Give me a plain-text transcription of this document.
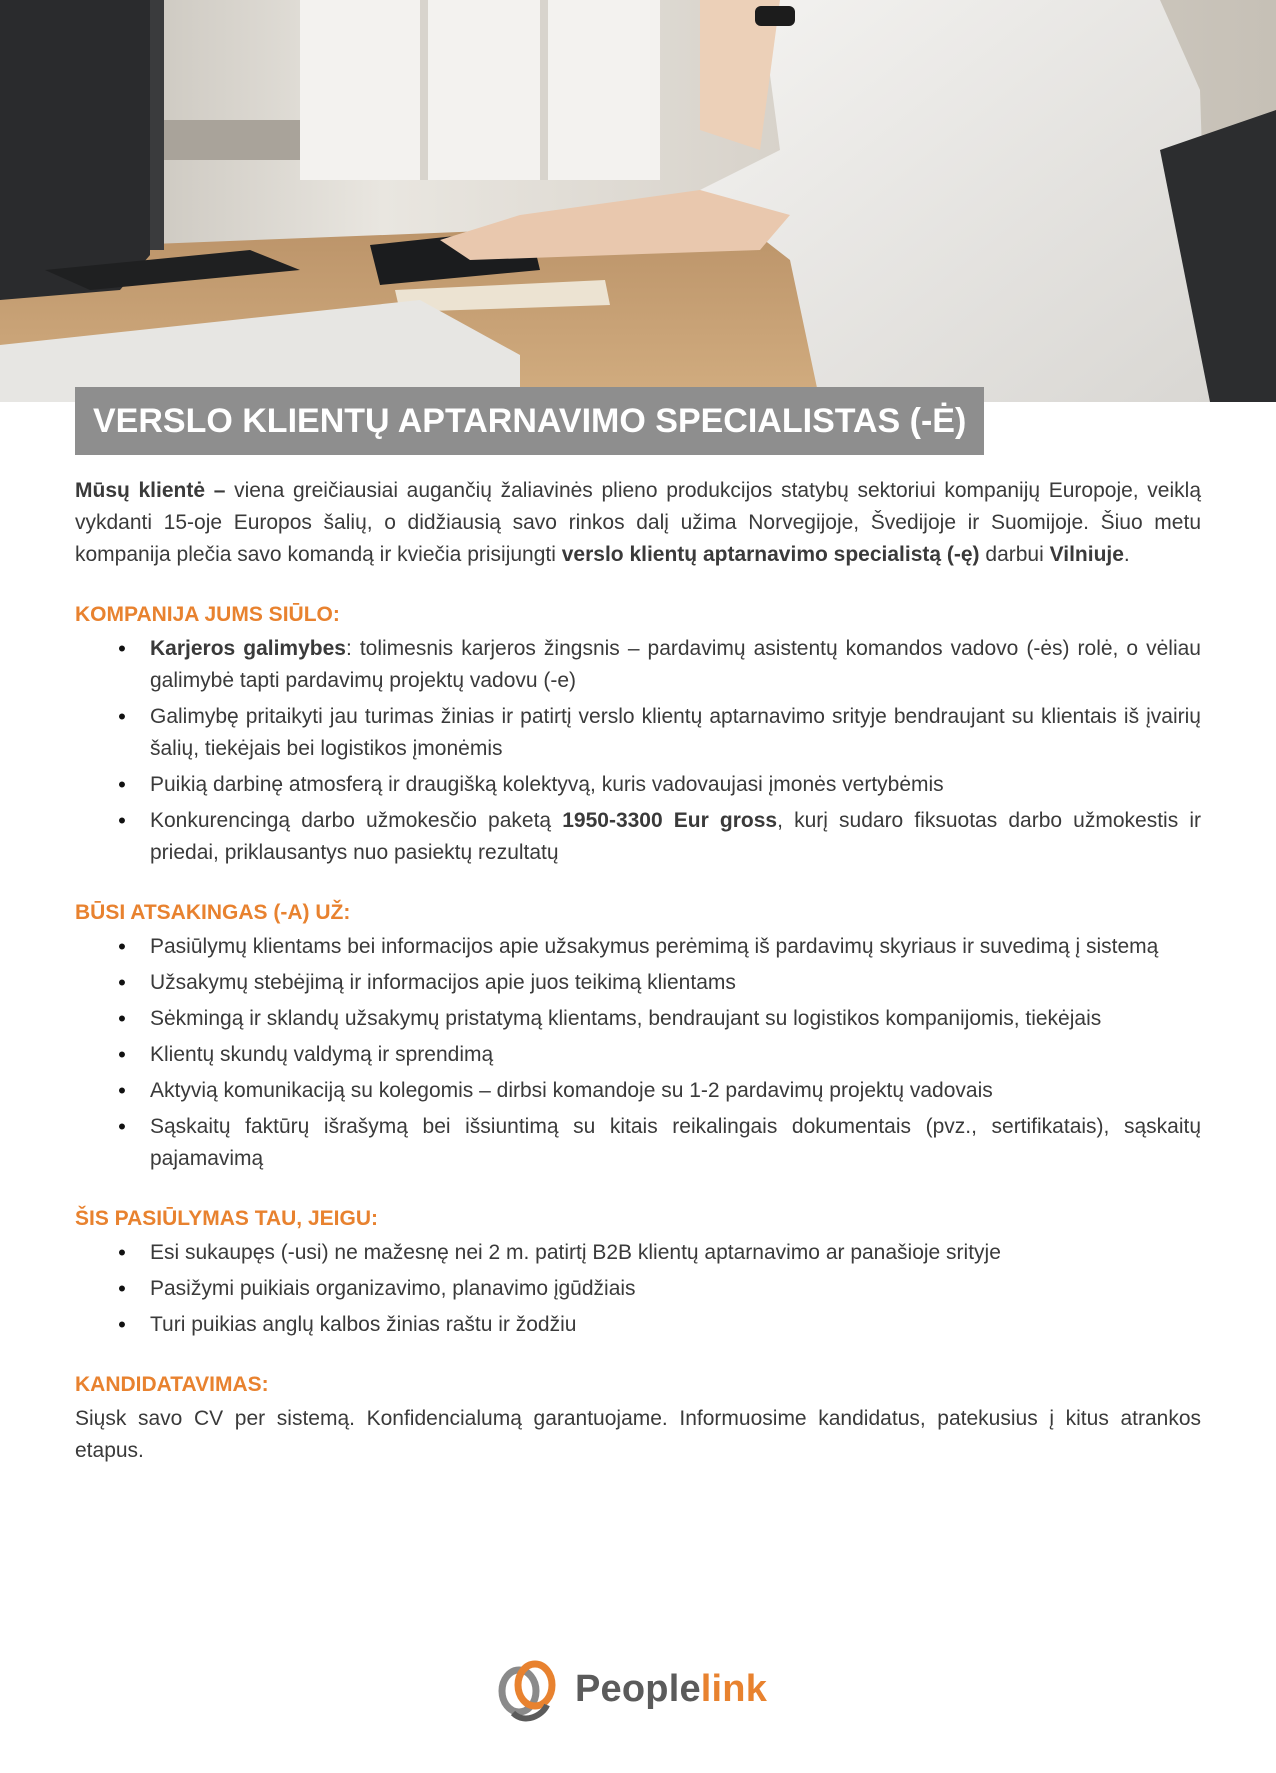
VERSLO KLIENTŲ APTARNAVIMO SPECIALISTAS (-Ė)

Mūsų klientė – viena greičiausiai augančių žaliavinės plieno produkcijos statybų sektoriui kompanijų Europoje, veiklą vykdanti 15-oje Europos šalių, o didžiausią savo rinkos dalį užima Norvegijoje, Švedijoje ir Suomijoje. Šiuo metu kompanija plečia savo komandą ir kviečia prisijungti verslo klientų aptarnavimo specialistą (-ę) darbui Vilniuje.

KOMPANIJA JUMS SIŪLO:
• Karjeros galimybes: tolimesnis karjeros žingsnis – pardavimų asistentų komandos vadovo (-ės) rolė, o vėliau galimybė tapti pardavimų projektų vadovu (-e)
• Galimybę pritaikyti jau turimas žinias ir patirtį verslo klientų aptarnavimo srityje bendraujant su klientais iš įvairių šalių, tiekėjais bei logistikos įmonėmis
• Puikią darbinę atmosferą ir draugišką kolektyvą, kuris vadovaujasi įmonės vertybėmis
• Konkurencingą darbo užmokesčio paketą 1950-3300 Eur gross, kurį sudaro fiksuotas darbo užmokestis ir priedai, priklausantys nuo pasiektų rezultatų
BŪSI ATSAKINGAS (-A) UŽ:
• Pasiūlymų klientams bei informacijos apie užsakymus perėmimą iš pardavimų skyriaus ir suvedimą į sistemą
• Užsakymų stebėjimą ir informacijos apie juos teikimą klientams
• Sėkmingą ir sklandų užsakymų pristatymą klientams, bendraujant su logistikos kompanijomis, tiekėjais
• Klientų skundų valdymą ir sprendimą
• Aktyvią komunikaciją su kolegomis – dirbsi komandoje su 1-2 pardavimų projektų vadovais
• Sąskaitų faktūrų išrašymą bei išsiuntimą su kitais reikalingais dokumentais (pvz., sertifikatais), sąskaitų pajamavimą
ŠIS PASIŪLYMAS TAU, JEIGU:
• Esi sukaupęs (-usi) ne mažesnę nei 2 m. patirtį B2B klientų aptarnavimo ar panašioje srityje
• Pasižymi puikiais organizavimo, planavimo įgūdžiais
• Turi puikias anglų kalbos žinias raštu ir žodžiu
KANDIDATAVIMAS:

Siųsk savo CV per sistemą. Konfidencialumą garantuojame. Informuosime kandidatus, patekusius į kitus atrankos etapus.

Peoplelink
